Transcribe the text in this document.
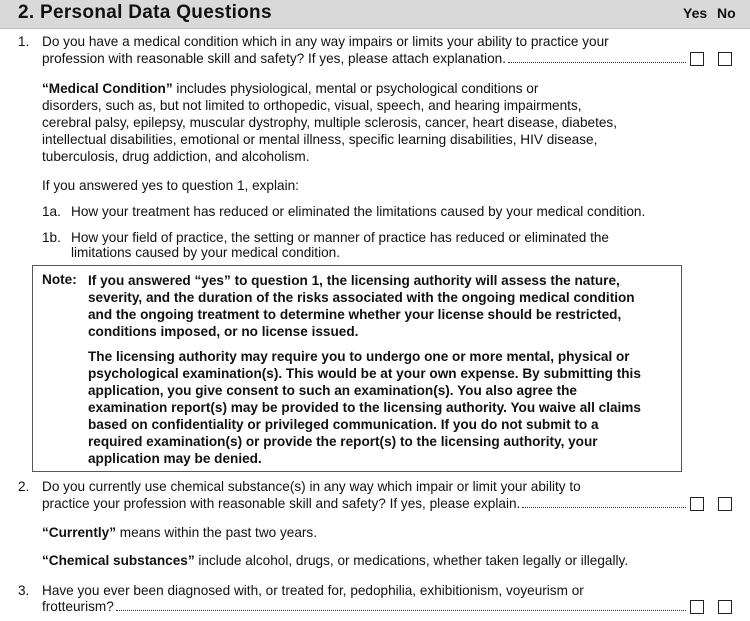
2. Personal Data Questions	Yes No
1. Do you have a medical condition which in any way impairs or limits your ability to practice your
profession with reasonable skill and safety? If yes, please attach explanation.
“Medical Condition” includes physiological, mental or psychological conditions or
disorders, such as, but not limited to orthopedic, visual, speech, and hearing impairments,
cerebral palsy, epilepsy, muscular dystrophy, multiple sclerosis, cancer, heart disease, diabetes,
intellectual disabilities, emotional or mental illness, specific learning disabilities, HIV disease,
tuberculosis, drug addiction, and alcoholism.
If you answered yes to question 1, explain:
1a. How your treatment has reduced or eliminated the limitations caused by your medical condition.
1b. How your field of practice, the setting or manner of practice has reduced or eliminated the
limitations caused by your medical condition.
Note: If you answered “yes” to question 1, the licensing authority will assess the nature,
severity, and the duration of the risks associated with the ongoing medical condition
and the ongoing treatment to determine whether your license should be restricted,
conditions imposed, or no license issued.
The licensing authority may require you to undergo one or more mental, physical or
psychological examination(s). This would be at your own expense. By submitting this
application, you give consent to such an examination(s). You also agree the
examination report(s) may be provided to the licensing authority. You waive all claims
based on confidentiality or privileged communication. If you do not submit to a
required examination(s) or provide the report(s) to the licensing authority, your
application may be denied.
2. Do you currently use chemical substance(s) in any way which impair or limit your ability to
practice your profession with reasonable skill and safety? If yes, please explain.
“Currently” means within the past two years.
“Chemical substances” include alcohol, drugs, or medications, whether taken legally or illegally.
3. Have you ever been diagnosed with, or treated for, pedophilia, exhibitionism, voyeurism or
frotteurism?
